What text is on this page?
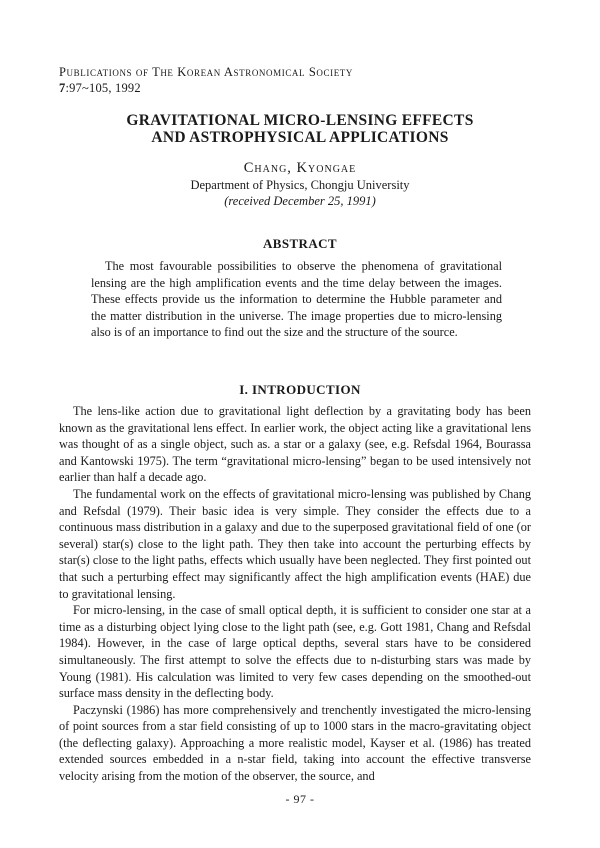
Publications of The Korean Astronomical Society
7:97~105, 1992
GRAVITATIONAL MICRO-LENSING EFFECTS
AND ASTROPHYSICAL APPLICATIONS
Chang, Kyongae
Department of Physics, Chongju University
(received December 25, 1991)
ABSTRACT
The most favourable possibilities to observe the phenomena of gravitational lensing are the high amplification events and the time delay between the images. These effects provide us the information to determine the Hubble parameter and the matter distribution in the universe. The image properties due to micro-lensing also is of an importance to find out the size and the structure of the source.
I. INTRODUCTION

The lens-like action due to gravitational light deflection by a gravitating body has been known as the gravitational lens effect. In earlier work, the object acting like a gravitational lens was thought of as a single object, such as. a star or a galaxy (see, e.g. Refsdal 1964, Bourassa and Kantowski 1975). The term “gravitational micro-lensing” began to be used intensively not earlier than half a decade ago.

The fundamental work on the effects of gravitational micro-lensing was published by Chang and Refsdal (1979). Their basic idea is very simple. They consider the effects due to a continuous mass distribution in a galaxy and due to the superposed gravitational field of one (or several) star(s) close to the light path. They then take into account the perturbing effects by star(s) close to the light paths, effects which usually have been neglected. They first pointed out that such a perturbing effect may significantly affect the high amplification events (HAE) due to gravitational lensing.

For micro-lensing, in the case of small optical depth, it is sufficient to consider one star at a time as a disturbing object lying close to the light path (see, e.g. Gott 1981, Chang and Refsdal 1984). However, in the case of large optical depths, several stars have to be considered simultaneously. The first attempt to solve the effects due to n-disturbing stars was made by Young (1981). His calculation was limited to very few cases depending on the smoothed-out surface mass density in the deflecting body.

Paczynski (1986) has more comprehensively and trenchently investigated the micro-lensing of point sources from a star field consisting of up to 1000 stars in the macro-gravitating object (the deflecting galaxy). Approaching a more realistic model, Kayser et al. (1986) has treated extended sources embedded in a n-star field, taking into account the effective transverse velocity arising from the motion of the observer, the source, and

- 97 -
